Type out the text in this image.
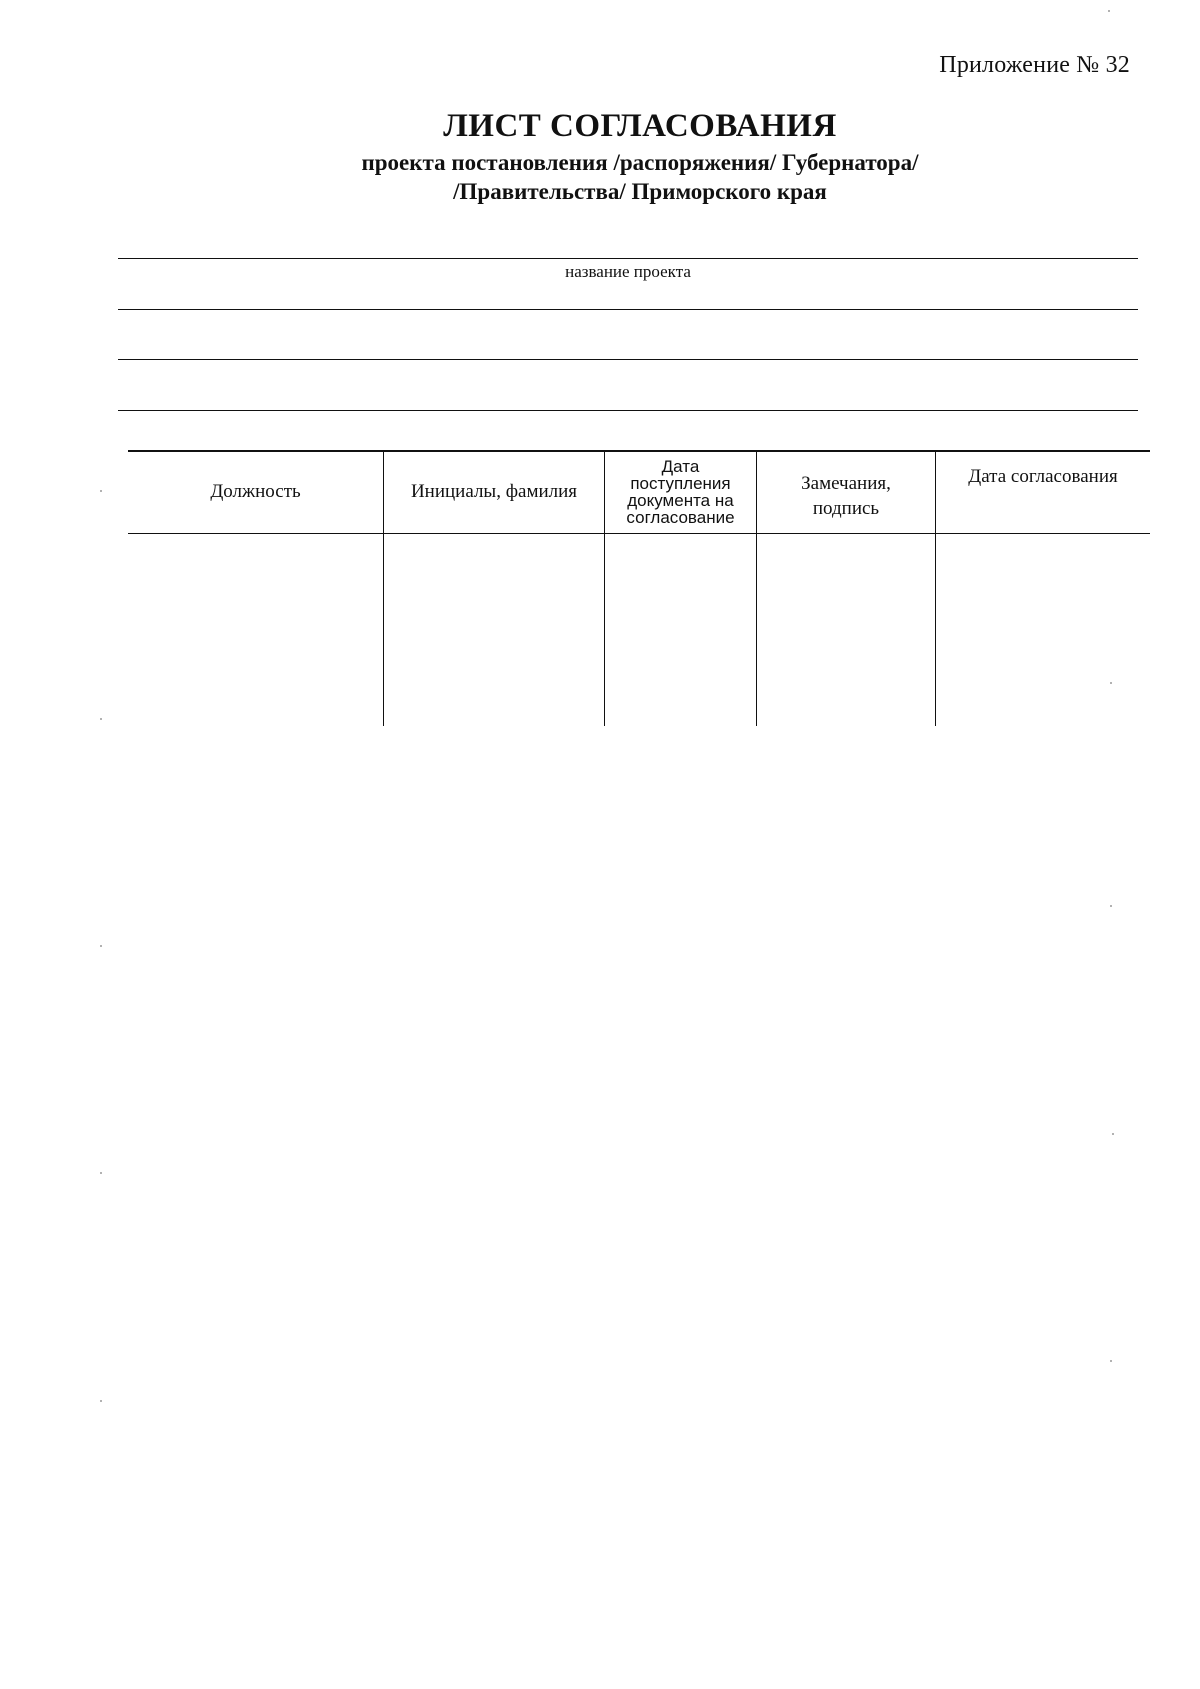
Приложение № 32
ЛИСТ СОГЛАСОВАНИЯ
проекта постановления /распоряжения/ Губернатора/
/Правительства/ Приморского края
название проекта
Должность	Инициалы, фамилия
Дата
поступления
документа на
согласование
Замечания,
подпись
Дата согласования
